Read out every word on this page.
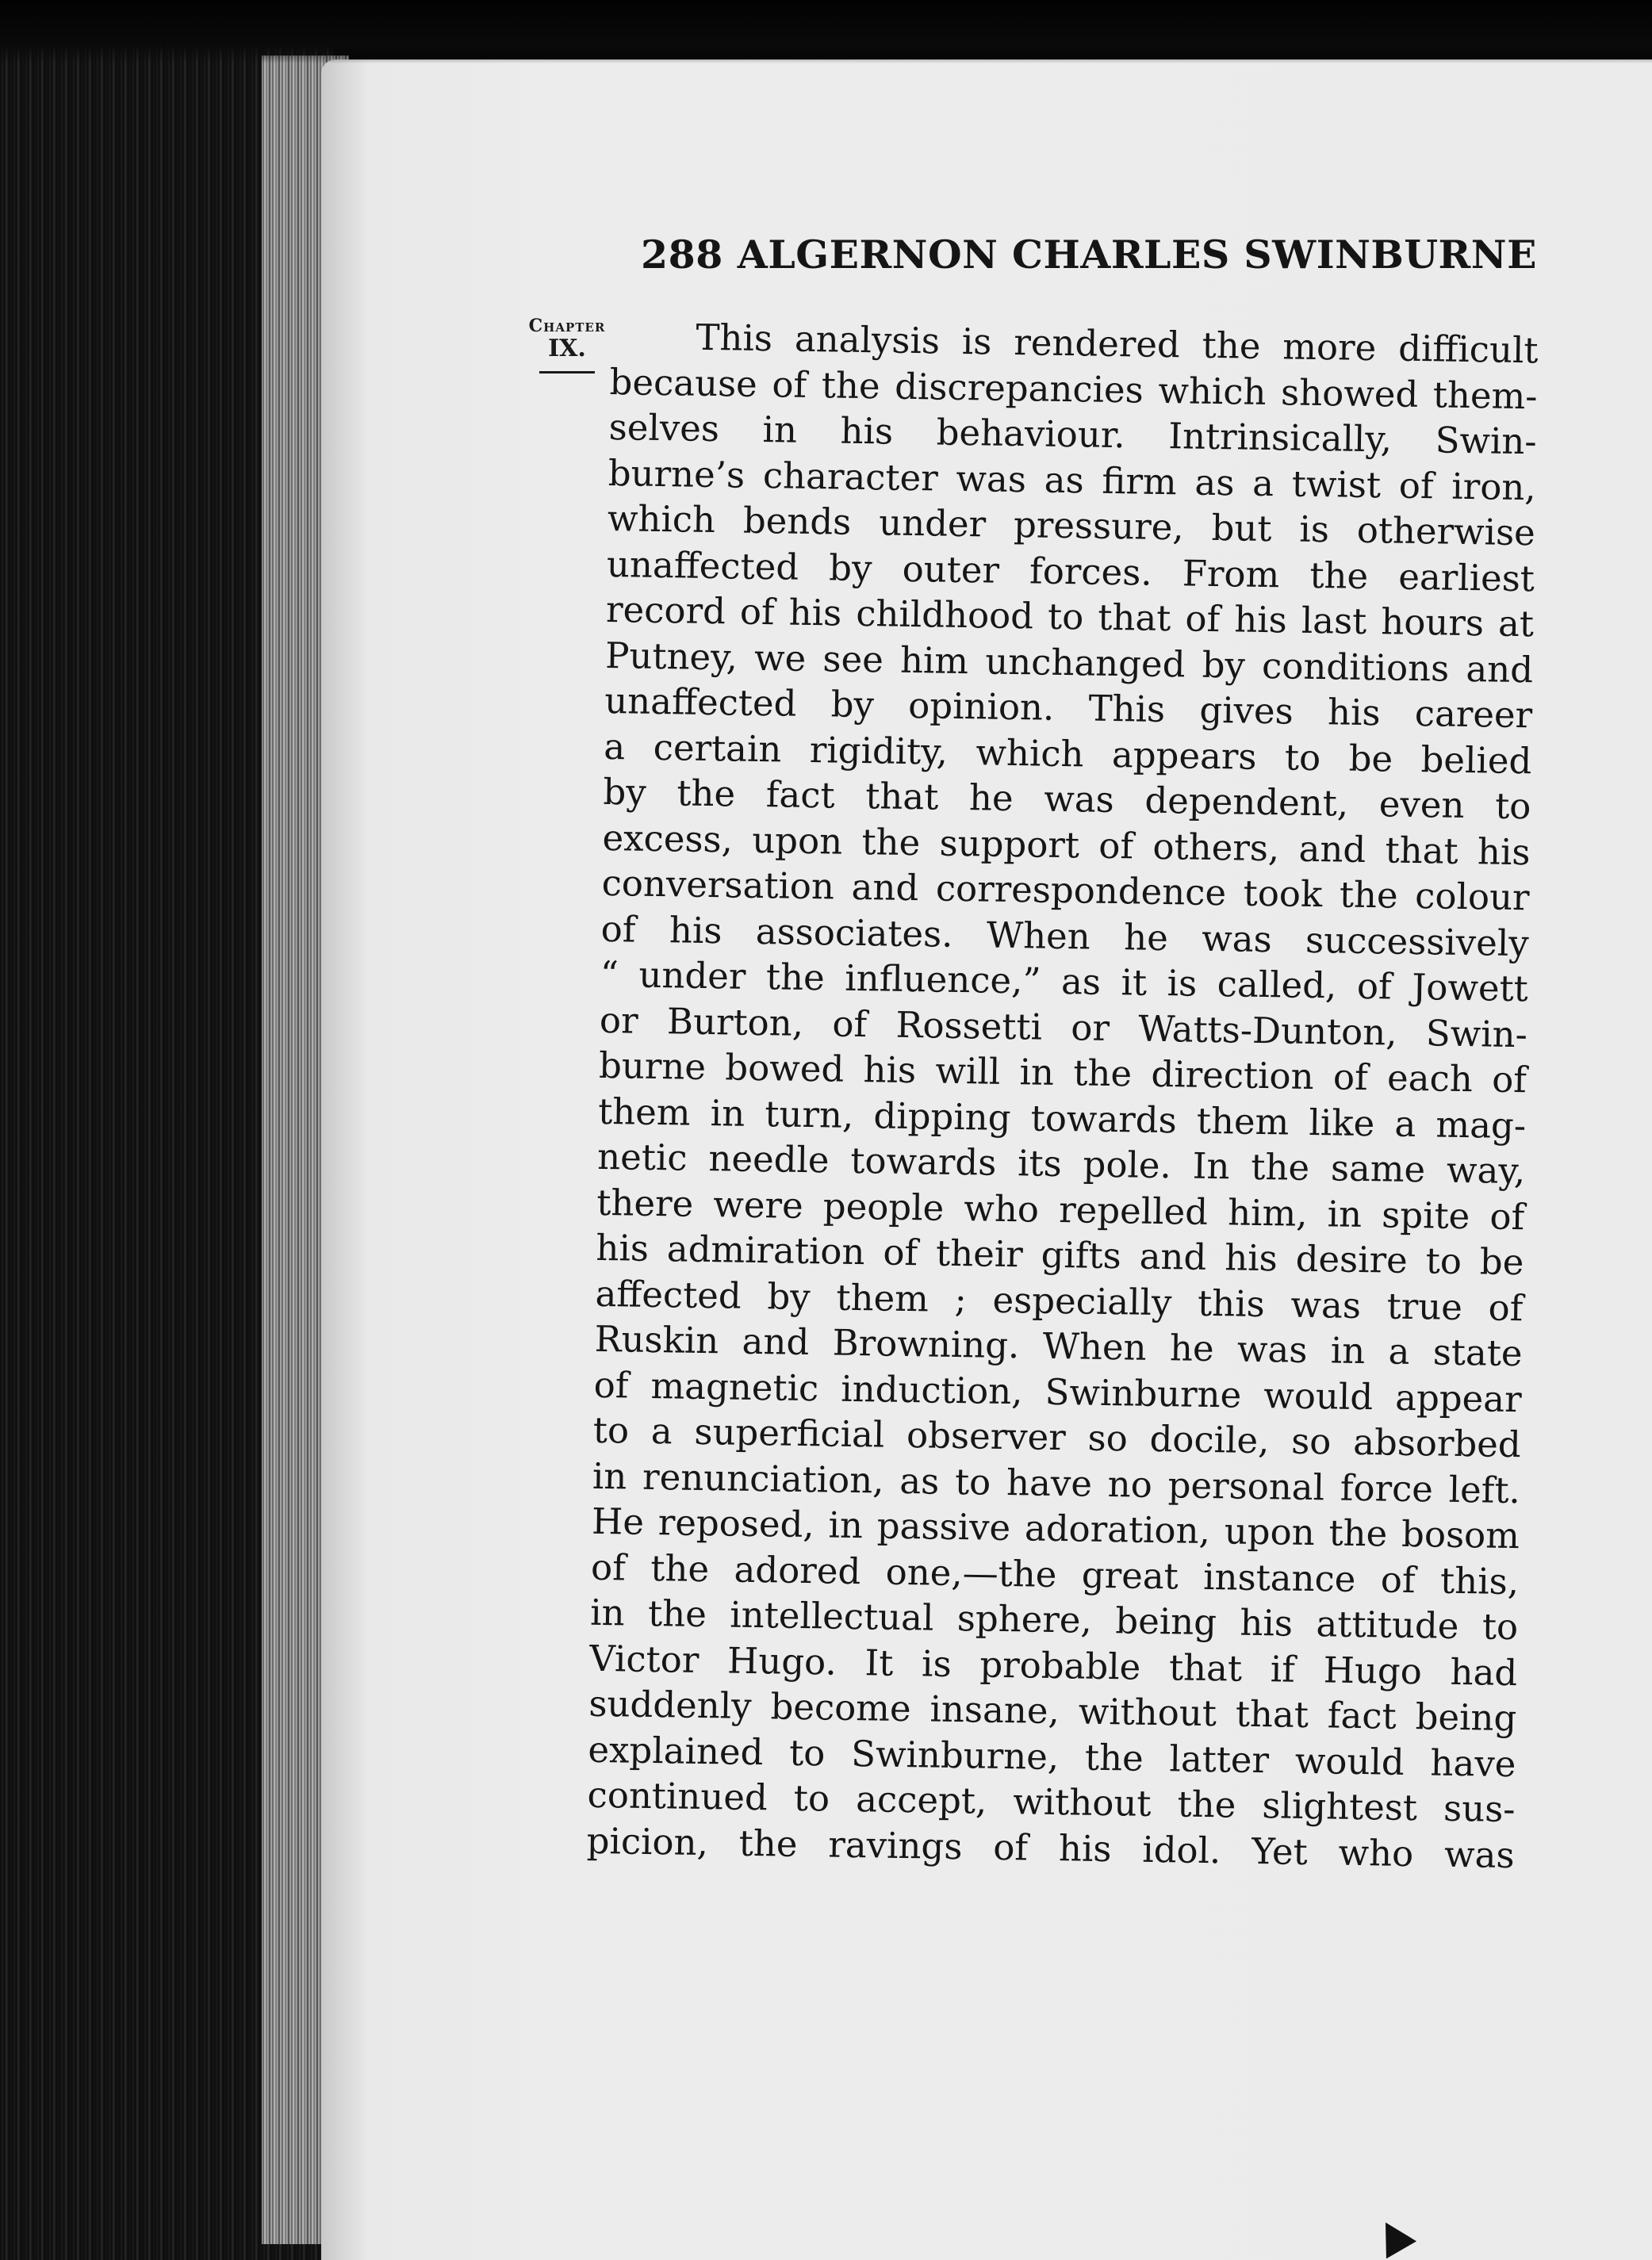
288 ALGERNON CHARLES SWINBURNE
Chapter
IX.	This analysis is rendered the more difficult
because of the discrepancies which showed them-
selves in his behaviour. Intrinsically, Swin-
burne’s character was as firm as a twist of iron,
which bends under pressure, but is otherwise
unaffected by outer forces. From the earliest
record of his childhood to that of his last hours at
Putney, we see him unchanged by conditions and
unaffected by opinion. This gives his career
a certain rigidity, which appears to be belied
by the fact that he was dependent, even to
excess, upon the support of others, and that his
conversation and correspondence took the colour
of his associates. When he was successively
“ under the influence,” as it is called, of Jowett
or Burton, of Rossetti or Watts-Dunton, Swin-
burne bowed his will in the direction of each of
them in turn, dipping towards them like a mag-
netic needle towards its pole. In the same way,
there were people who repelled him, in spite of
his admiration of their gifts and his desire to be
affected by them ; especially this was true of
Ruskin and Browning. When he was in a state
of magnetic induction, Swinburne would appear
to a superficial observer so docile, so absorbed
in renunciation, as to have no personal force left.
He reposed, in passive adoration, upon the bosom
of the adored one,—the great instance of this,
in the intellectual sphere, being his attitude to
Victor Hugo. It is probable that if Hugo had
suddenly become insane, without that fact being
explained to Swinburne, the latter would have
continued to accept, without the slightest sus-
picion, the ravings of his idol. Yet who was
